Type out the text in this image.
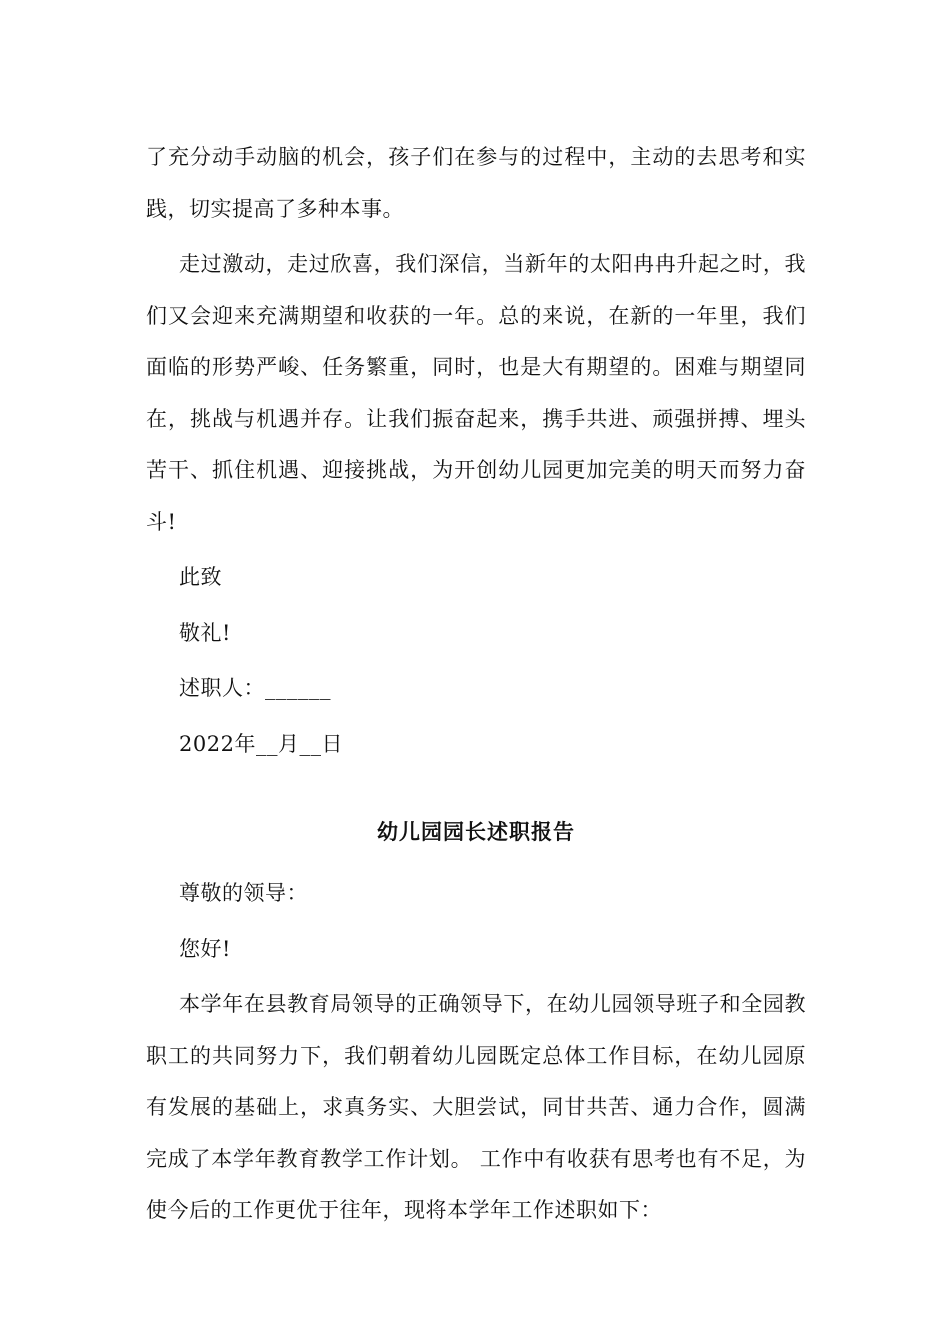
了充分动手动脑的机会，孩子们在参与的过程中，主动的去思考和实践，切实提高了多种本事。

走过激动，走过欣喜，我们深信，当新年的太阳冉冉升起之时，我们又会迎来充满期望和收获的一年。总的来说，在新的一年里，我们面临的形势严峻、任务繁重，同时，也是大有期望的。困难与期望同在，挑战与机遇并存。让我们振奋起来，携手共进、顽强拼搏、埋头苦干、抓住机遇、迎接挑战，为开创幼儿园更加完美的明天而努力奋斗!

此致

敬礼!

述职人：______

2022年__月__日

幼儿园园长述职报告

尊敬的领导：

您好!

本学年在县教育局领导的正确领导下，在幼儿园领导班子和全园教职工的共同努力下，我们朝着幼儿园既定总体工作目标，在幼儿园原有发展的基础上，求真务实、大胆尝试，同甘共苦、通力合作，圆满完成了本学年教育教学工作计划。 工作中有收获有思考也有不足，为使今后的工作更优于往年，现将本学年工作述职如下：
